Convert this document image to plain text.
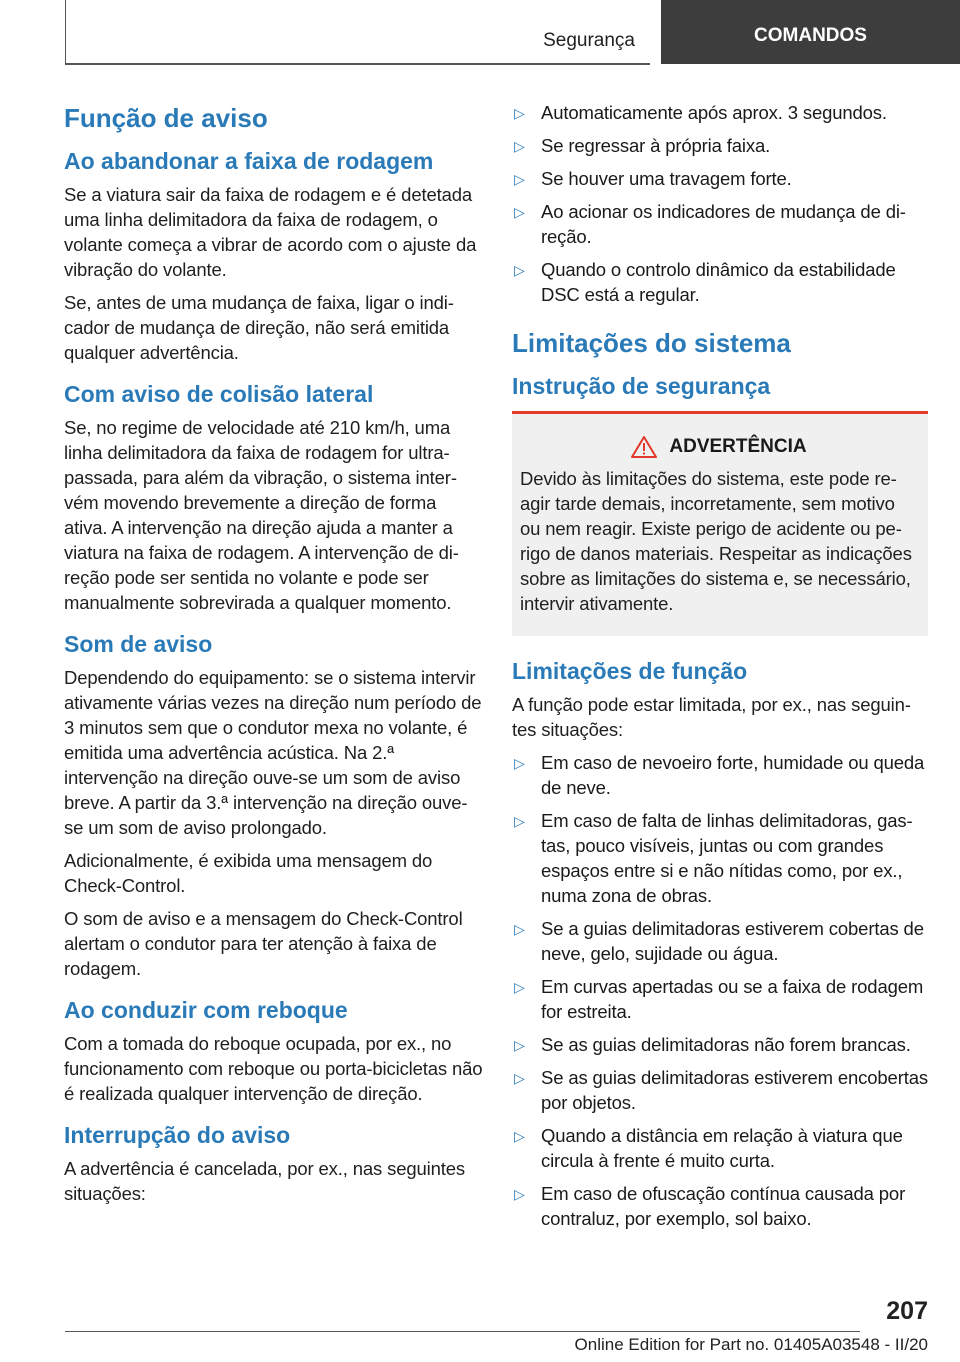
Segurança	COMANDOS
Função de aviso
Ao abandonar a faixa de rodagem

Se a viatura sair da faixa de rodagem e é detetada uma linha delimitadora da faixa de rodagem, o volante começa a vibrar de acordo com o ajuste da vibração do volante.

Se, antes de uma mudança de faixa, ligar o indicador de mudança de direção, não será emitida qualquer advertência.

Com aviso de colisão lateral

Se, no regime de velocidade até 210 km/h, uma linha delimitadora da faixa de rodagem for ultrapassada, para além da vibração, o sistema intervém movendo brevemente a direção de forma ativa. A intervenção na direção ajuda a manter a viatura na faixa de rodagem. A intervenção de direção pode ser sentida no volante e pode ser manualmente sobrevirada a qualquer momento.

Som de aviso

Dependendo do equipamento: se o sistema intervir ativamente várias vezes na direção num período de 3 minutos sem que o condutor mexa no volante, é emitida uma advertência acústica. Na 2.ª intervenção na direção ouve-se um som de aviso breve. A partir da 3.ª intervenção na direção ouve-se um som de aviso prolongado.

Adicionalmente, é exibida uma mensagem do Check-Control.

O som de aviso e a mensagem do Check-Control alertam o condutor para ter atenção à faixa de rodagem.

Ao conduzir com reboque

Com a tomada do reboque ocupada, por ex., no funcionamento com reboque ou porta-bicicletas não é realizada qualquer intervenção de direção.

Interrupção do aviso

A advertência é cancelada, por ex., nas seguintes situações:

▷ Automaticamente após aprox. 3 segundos.
▷ Se regressar à própria faixa.
▷ Se houver uma travagem forte.
▷ Ao acionar os indicadores de mudança de direção.
▷ Quando o controlo dinâmico da estabilidade DSC está a regular.
Limitações do sistema
Instrução de segurança
ADVERTÊNCIA

Devido às limitações do sistema, este pode reagir tarde demais, incorretamente, sem motivo ou nem reagir. Existe perigo de acidente ou perigo de danos materiais. Respeitar as indicações sobre as limitações do sistema e, se necessário, intervir ativamente.

Limitações de função

A função pode estar limitada, por ex., nas seguintes situações:

▷ Em caso de nevoeiro forte, humidade ou queda de neve.
▷ Em caso de falta de linhas delimitadoras, gastas, pouco visíveis, juntas ou com grandes espaços entre si e não nítidas como, por ex., numa zona de obras.
▷ Se a guias delimitadoras estiverem cobertas de neve, gelo, sujidade ou água.
▷ Em curvas apertadas ou se a faixa de rodagem for estreita.
▷ Se as guias delimitadoras não forem brancas.
▷ Se as guias delimitadoras estiverem encobertas por objetos.
▷ Quando a distância em relação à viatura que circula à frente é muito curta.
▷ Em caso de ofuscação contínua causada por contraluz, por exemplo, sol baixo.
207
Online Edition for Part no. 01405A03548 - II/20
